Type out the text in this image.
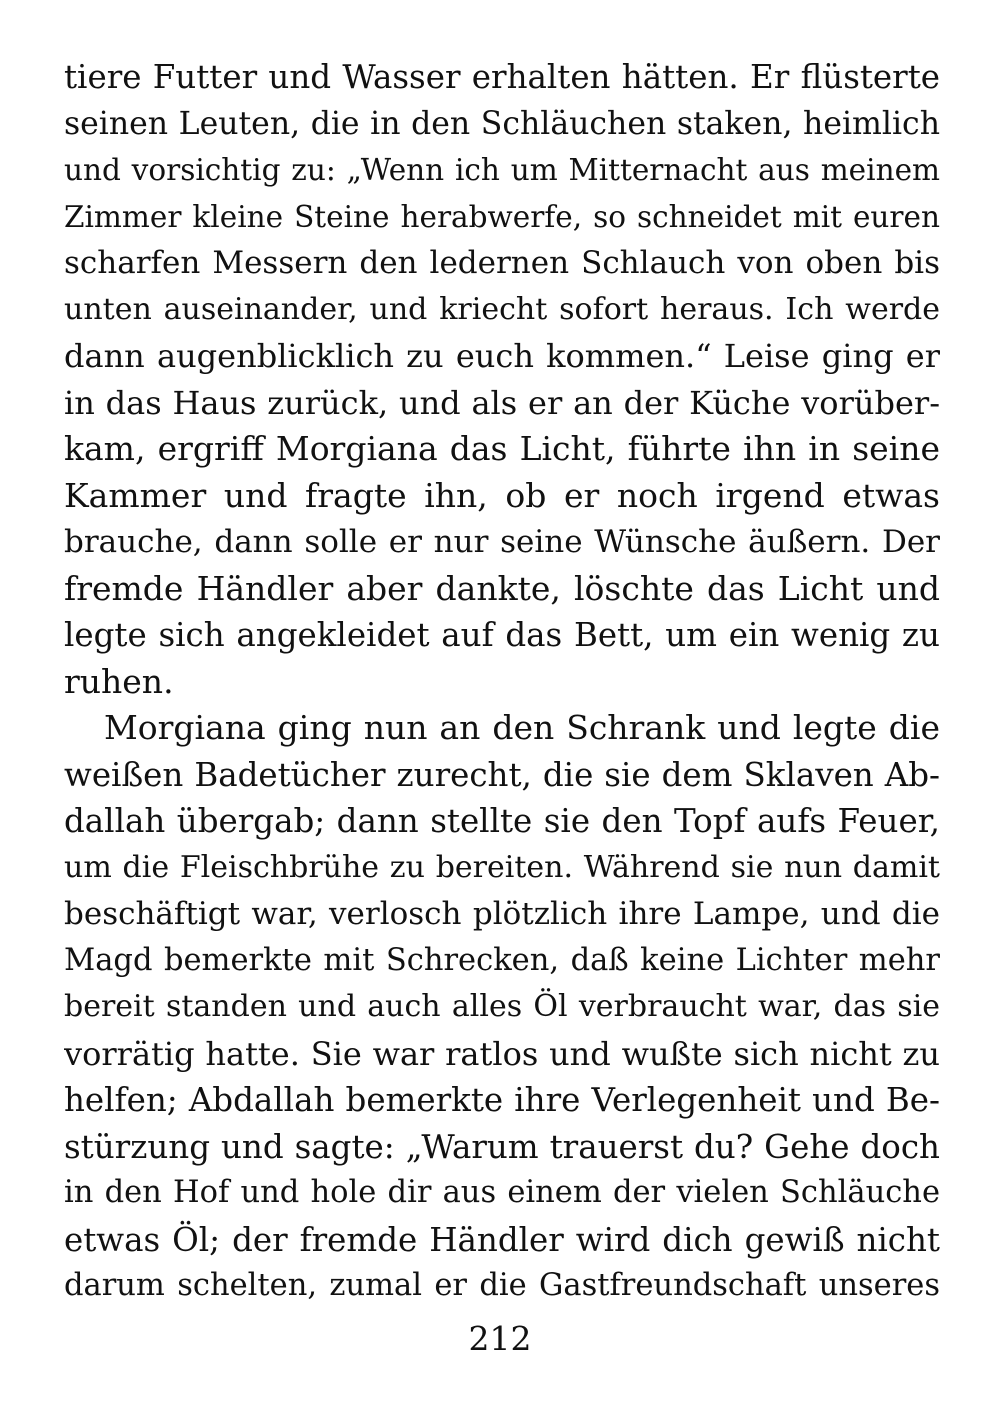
tiere Futter und Wasser erhalten hätten. Er flüsterte
seinen Leuten, die in den Schläuchen staken, heimlich
und vorsichtig zu: „Wenn ich um Mitternacht aus meinem
Zimmer kleine Steine herabwerfe, so schneidet mit euren
scharfen Messern den ledernen Schlauch von oben bis
unten auseinander, und kriecht sofort heraus. Ich werde
dann augenblicklich zu euch kommen.“ Leise ging er
in das Haus zurück, und als er an der Küche vorüber-
kam, ergriff Morgiana das Licht, führte ihn in seine
Kammer und fragte ihn, ob er noch irgend etwas
brauche, dann solle er nur seine Wünsche äußern. Der
fremde Händler aber dankte, löschte das Licht und
legte sich angekleidet auf das Bett, um ein wenig zu
ruhen.
Morgiana ging nun an den Schrank und legte die
weißen Badetücher zurecht, die sie dem Sklaven Ab-
dallah übergab; dann stellte sie den Topf aufs Feuer,
um die Fleischbrühe zu bereiten. Während sie nun damit
beschäftigt war, verlosch plötzlich ihre Lampe, und die
Magd bemerkte mit Schrecken, daß keine Lichter mehr
bereit standen und auch alles Öl verbraucht war, das sie
vorrätig hatte. Sie war ratlos und wußte sich nicht zu
helfen; Abdallah bemerkte ihre Verlegenheit und Be-
stürzung und sagte: „Warum trauerst du? Gehe doch
in den Hof und hole dir aus einem der vielen Schläuche
etwas Öl; der fremde Händler wird dich gewiß nicht
darum schelten, zumal er die Gastfreundschaft unseres
212
